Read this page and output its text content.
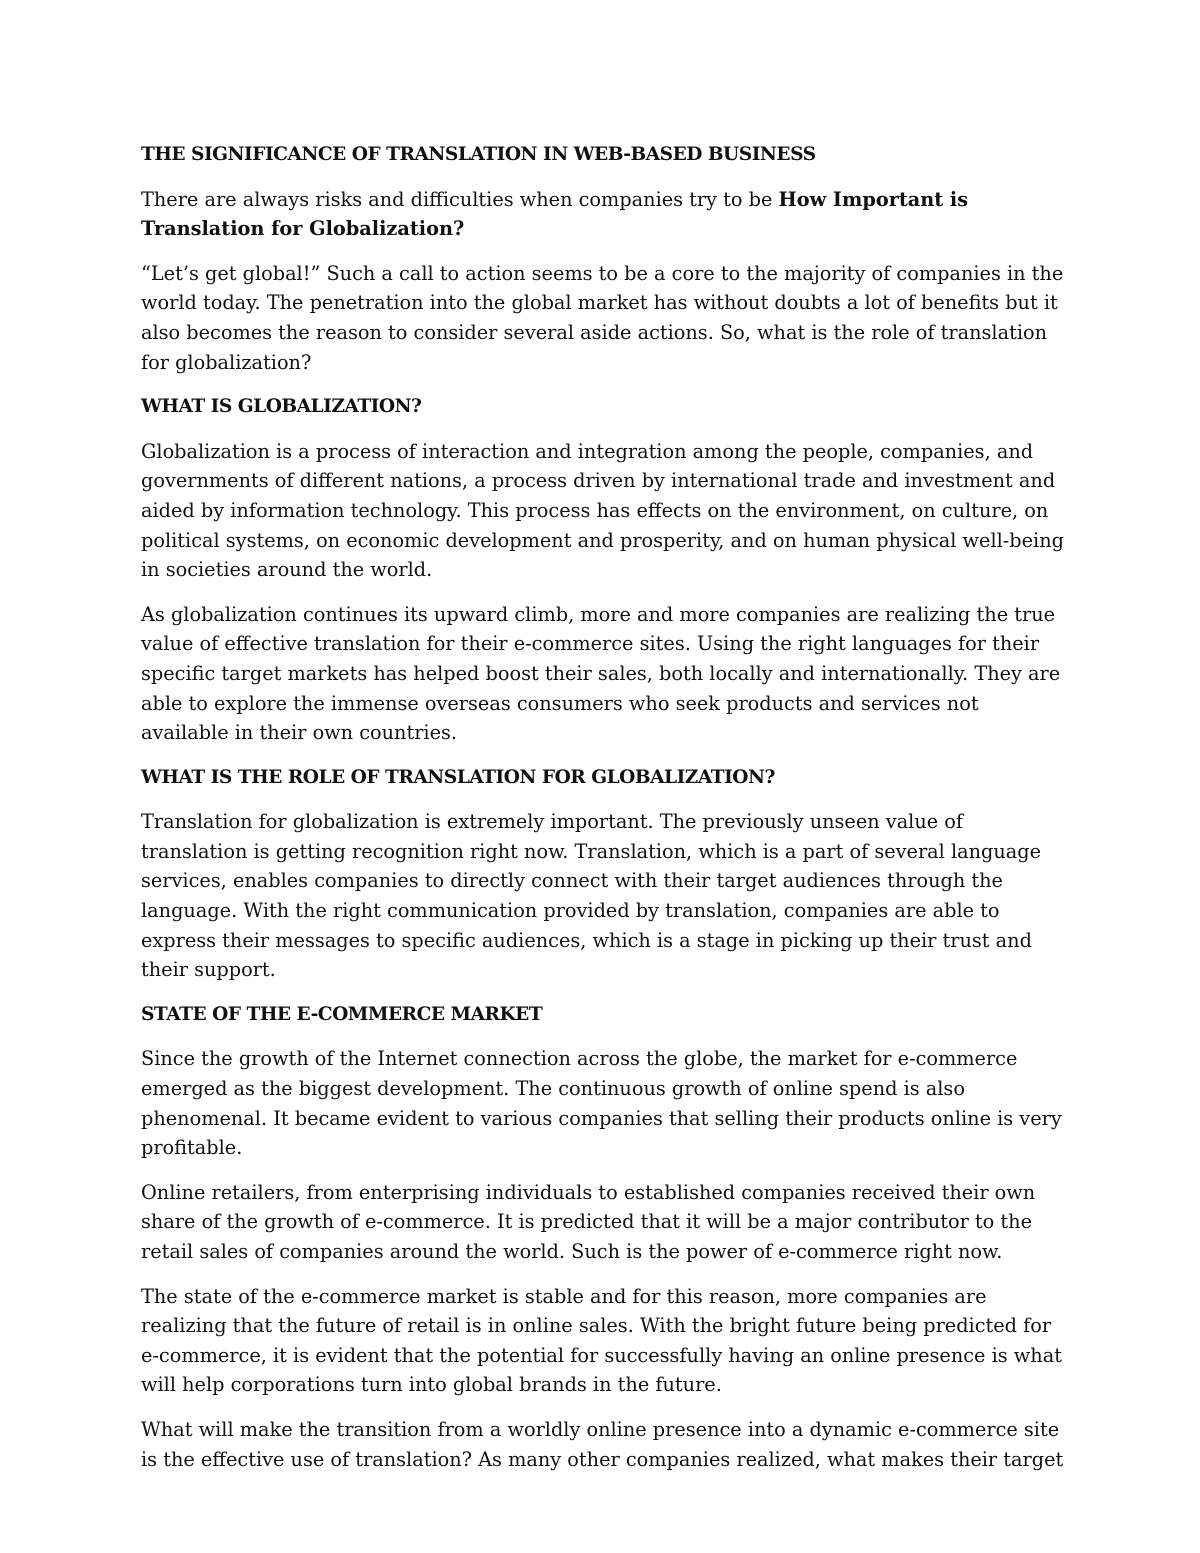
THE SIGNIFICANCE OF TRANSLATION IN WEB-BASED BUSINESS

There are always risks and difficulties when companies try to be How Important is Translation for Globalization?

“Let’s get global!” Such a call to action seems to be a core to the majority of companies in the world today. The penetration into the global market has without doubts a lot of benefits but it also becomes the reason to consider several aside actions. So, what is the role of translation for globalization?

WHAT IS GLOBALIZATION?

Globalization is a process of interaction and integration among the people, companies, and governments of different nations, a process driven by international trade and investment and aided by information technology. This process has effects on the environment, on culture, on political systems, on economic development and prosperity, and on human physical well-being in societies around the world.

As globalization continues its upward climb, more and more companies are realizing the true value of effective translation for their e-commerce sites. Using the right languages for their specific target markets has helped boost their sales, both locally and internationally. They are able to explore the immense overseas consumers who seek products and services not available in their own countries.

WHAT IS THE ROLE OF TRANSLATION FOR GLOBALIZATION?

Translation for globalization is extremely important. The previously unseen value of translation is getting recognition right now. Translation, which is a part of several language services, enables companies to directly connect with their target audiences through the language. With the right communication provided by translation, companies are able to express their messages to specific audiences, which is a stage in picking up their trust and their support.

STATE OF THE E-COMMERCE MARKET

Since the growth of the Internet connection across the globe, the market for e-commerce emerged as the biggest development. The continuous growth of online spend is also phenomenal. It became evident to various companies that selling their products online is very profitable.

Online retailers, from enterprising individuals to established companies received their own share of the growth of e-commerce. It is predicted that it will be a major contributor to the retail sales of companies around the world. Such is the power of e-commerce right now.

The state of the e-commerce market is stable and for this reason, more companies are realizing that the future of retail is in online sales. With the bright future being predicted for e-commerce, it is evident that the potential for successfully having an online presence is what will help corporations turn into global brands in the future.

What will make the transition from a worldly online presence into a dynamic e-commerce site is the effective use of translation? As many other companies realized, what makes their target
